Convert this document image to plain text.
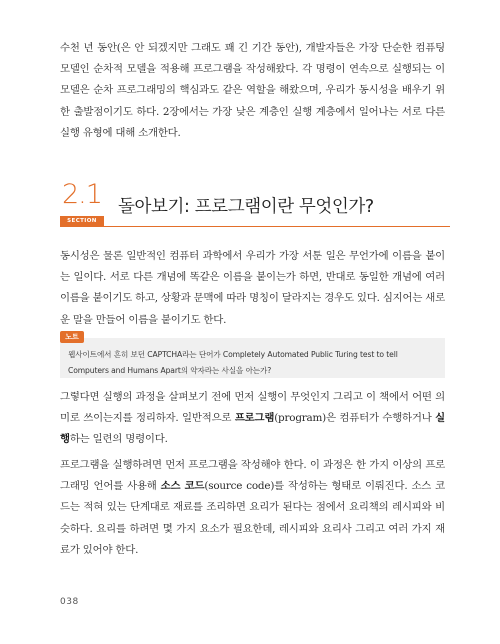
수천 년 동안(은 안 되겠지만 그래도 꽤 긴 기간 동안), 개발자들은 가장 단순한 컴퓨팅 모델인 순차적 모델을 적용해 프로그램을 작성해왔다. 각 명령이 연속으로 실행되는 이 모델은 순차 프로그래밍의 핵심과도 같은 역할을 해왔으며, 우리가 동시성을 배우기 위한 출발점이기도 하다. 2장에서는 가장 낮은 계층인 실행 계층에서 일어나는 서로 다른 실행 유형에 대해 소개한다.

2.1
SECTION
돌아보기: 프로그램이란 무엇인가?

동시성은 물론 일반적인 컴퓨터 과학에서 우리가 가장 서툰 일은 무언가에 이름을 붙이는 일이다. 서로 다른 개념에 똑같은 이름을 붙이는가 하면, 반대로 동일한 개념에 여러 이름을 붙이기도 하고, 상황과 문맥에 따라 명칭이 달라지는 경우도 있다. 심지어는 새로운 말을 만들어 이름을 붙이기도 한다.

노트

웹사이트에서 흔히 보던 CAPTCHA라는 단어가 Completely Automated Public Turing test to tell Computers and Humans Apart의 약자라는 사실을 아는가?

그렇다면 실행의 과정을 살펴보기 전에 먼저 실행이 무엇인지 그리고 이 책에서 어떤 의미로 쓰이는지를 정리하자. 일반적으로 프로그램(program)은 컴퓨터가 수행하거나 실행하는 일련의 명령이다.

프로그램을 실행하려면 먼저 프로그램을 작성해야 한다. 이 과정은 한 가지 이상의 프로그래밍 언어를 사용해 소스 코드(source code)를 작성하는 형태로 이뤄진다. 소스 코드는 적혀 있는 단계대로 재료를 조리하면 요리가 된다는 점에서 요리책의 레시피와 비슷하다. 요리를 하려면 몇 가지 요소가 필요한데, 레시피와 요리사 그리고 여러 가지 재료가 있어야 한다.

038
